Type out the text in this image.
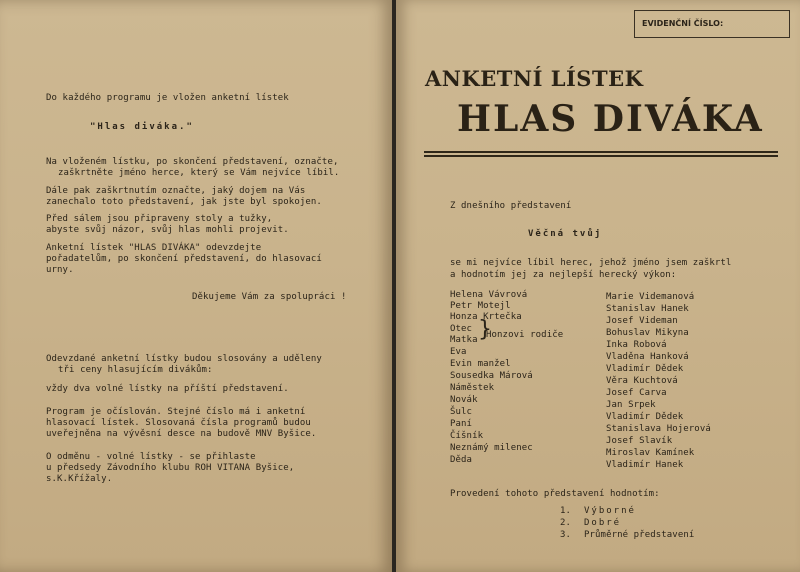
Do každého programu je vložen anketní lístek
"Hlas diváka."
Na vloženém lístku, po skončení představení, označte,
zaškrtněte jméno herce, který se Vám nejvíce líbil.
Dále pak zaškrtnutím označte, jaký dojem na Vás
zanechalo toto představení, jak jste byl spokojen.
Před sálem jsou připraveny stoly a tužky,
abyste svůj názor, svůj hlas mohli projevit.
Anketní lístek "HLAS DIVÁKA" odevzdejte
pořadatelům, po skončení představení, do hlasovací
urny.
Děkujeme Vám za spolupráci !
Odevzdané anketní lístky budou slosovány a uděleny
tři ceny hlasujícím divákům:
vždy dva volné lístky na příští představení.
Program je očíslován. Stejné číslo má i anketní
hlasovací lístek. Slosovaná čísla programů budou
uveřejněna na vývěsní desce na budově MNV Byšice.
O odměnu - volné lístky - se přihlaste
u předsedy Závodního klubu ROH VITANA Byšice,
s.K.Křížaly.
EVIDENČNÍ ČÍSLO:
ANKETNÍ LÍSTEK
HLAS DIVÁKA
Z dnešního představení
Věčná tvůj
se mi nejvíce líbil herec, jehož jméno jsem zaškrtl
a hodnotím jej za nejlepší herecký výkon:
Helena Vávrová
Petr Motejl
Honza Krtečka
Otec
Matka
Eva
Evin manžel
Sousedka Márová
Náměstek
Novák
Šulc
Paní
Číšník
Neznámý milenec
Děda
}
Honzovi rodiče
Marie Videmanová
Stanislav Hanek
Josef Videman
Bohuslav Mikyna
Inka Robová
Vladěna Hanková
Vladimír Dědek
Věra Kuchtová
Josef Carva
Jan Srpek
Vladimír Dědek
Stanislava Hojerová
Josef Slavík
Miroslav Kamínek
Vladimír Hanek
Provedení tohoto představení hodnotím:
1. Výborné
2. Dobré
3. Průměrné představení
